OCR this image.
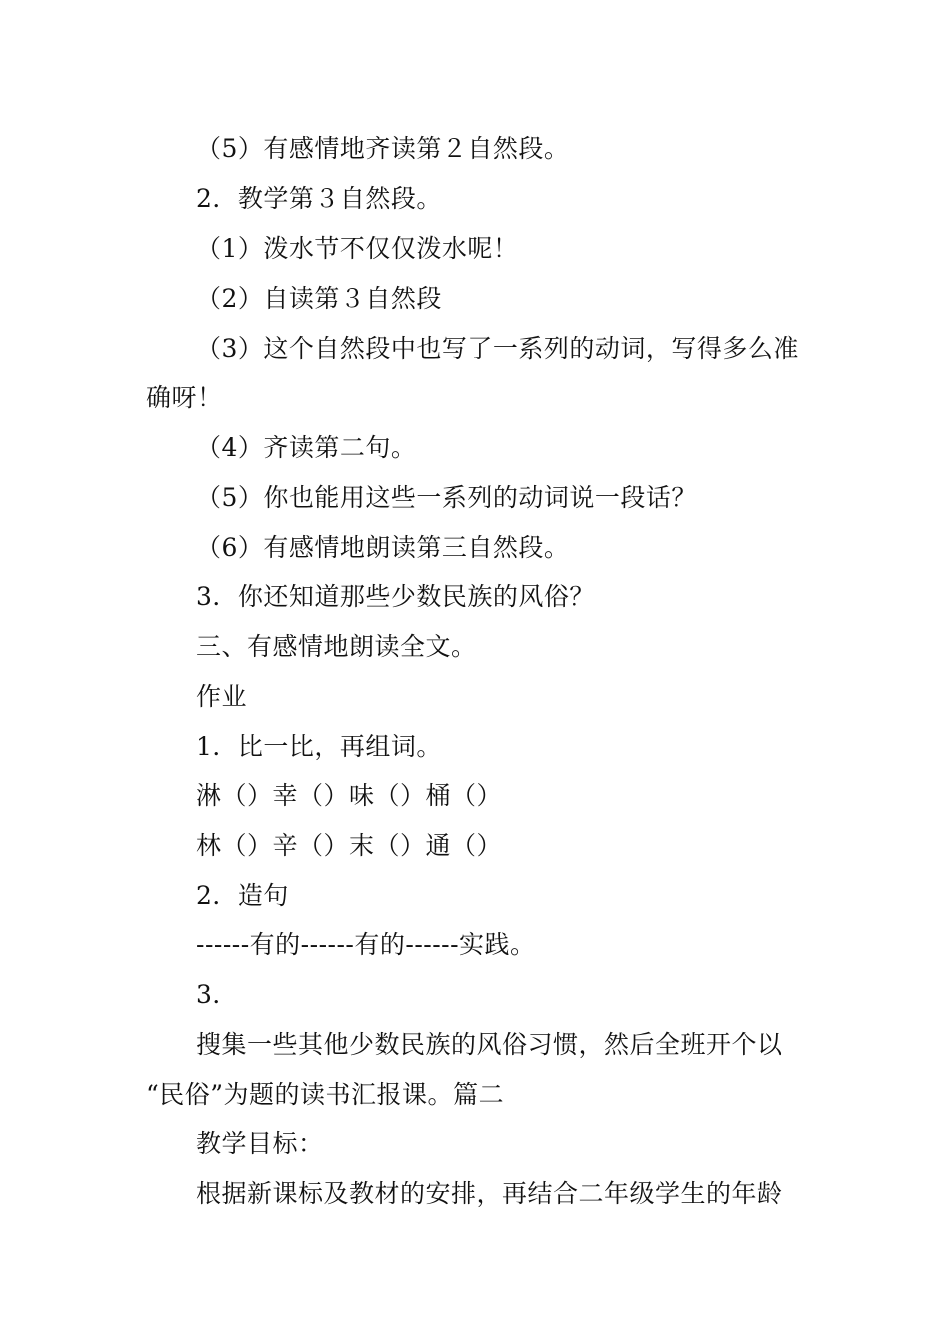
（5）有感情地齐读第２自然段。
2．教学第３自然段。
（1）泼水节不仅仅泼水呢！
（2）自读第３自然段
（3）这个自然段中也写了一系列的动词，写得多么准
确呀！
（4）齐读第二句。
（5）你也能用这些一系列的动词说一段话？
（6）有感情地朗读第三自然段。
3．你还知道那些少数民族的风俗？
三、有感情地朗读全文。
作业
1．比一比，再组词。
淋（）幸（）味（）桶（）
林（）辛（）末（）通（）
2．造句
------有的------有的------实践。
3．
搜集一些其他少数民族的风俗习惯，然后全班开个以
“民俗”为题的读书汇报课。篇二
教学目标：
根据新课标及教材的安排，再结合二年级学生的年龄
